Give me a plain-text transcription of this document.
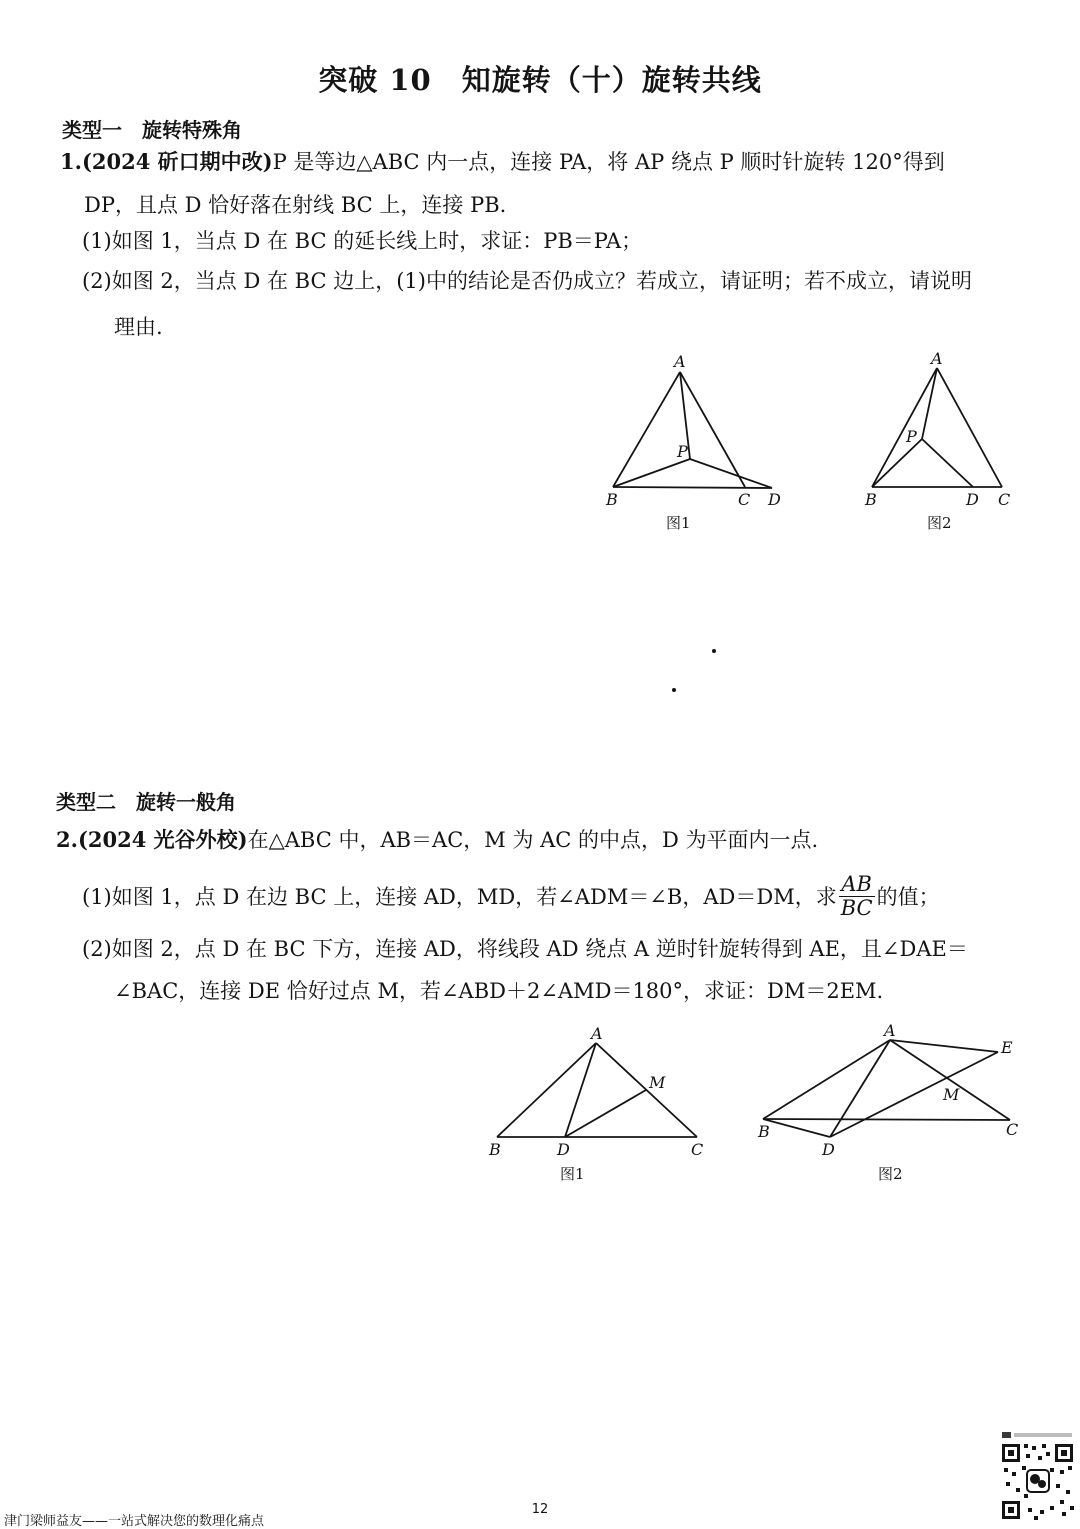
突破 10　知旋转（十）旋转共线
类型一　旋转特殊角
1.(2024 斫口期中改)P 是等边△ABC 内一点，连接 PA，将 AP 绕点 P 顺时针旋转 120°得到
DP，且点 D 恰好落在射线 BC 上，连接 PB.
(1)如图 1，当点 D 在 BC 的延长线上时，求证：PB＝PA；
(2)如图 2，当点 D 在 BC 边上，(1)中的结论是否仍成立？若成立，请证明；若不成立，请说明
理由.
A
B	C D
P
图1
A
B	D C
P
图2
类型二　旋转一般角
2.(2024 光谷外校)在△ABC 中，AB＝AC，M 为 AC 的中点，D 为平面内一点.
(1)如图 1，点 D 在边 BC 上，连接 AD，MD，若∠ADM＝∠B，AD＝DM，求 $\frac{AB}{BC}$ 的值；
(2)如图 2，点 D 在 BC 下方，连接 AD，将线段 AD 绕点 A 逆时针旋转得到 AE，且∠DAE＝
∠BAC，连接 DE 恰好过点 M，若∠ABD＋2∠AMD＝180°，求证：DM＝2EM.
A
B	D	C
M
图1
A
E
M
B	C
D
图2
12
津门梁师益友——一站式解决您的数理化痛点
